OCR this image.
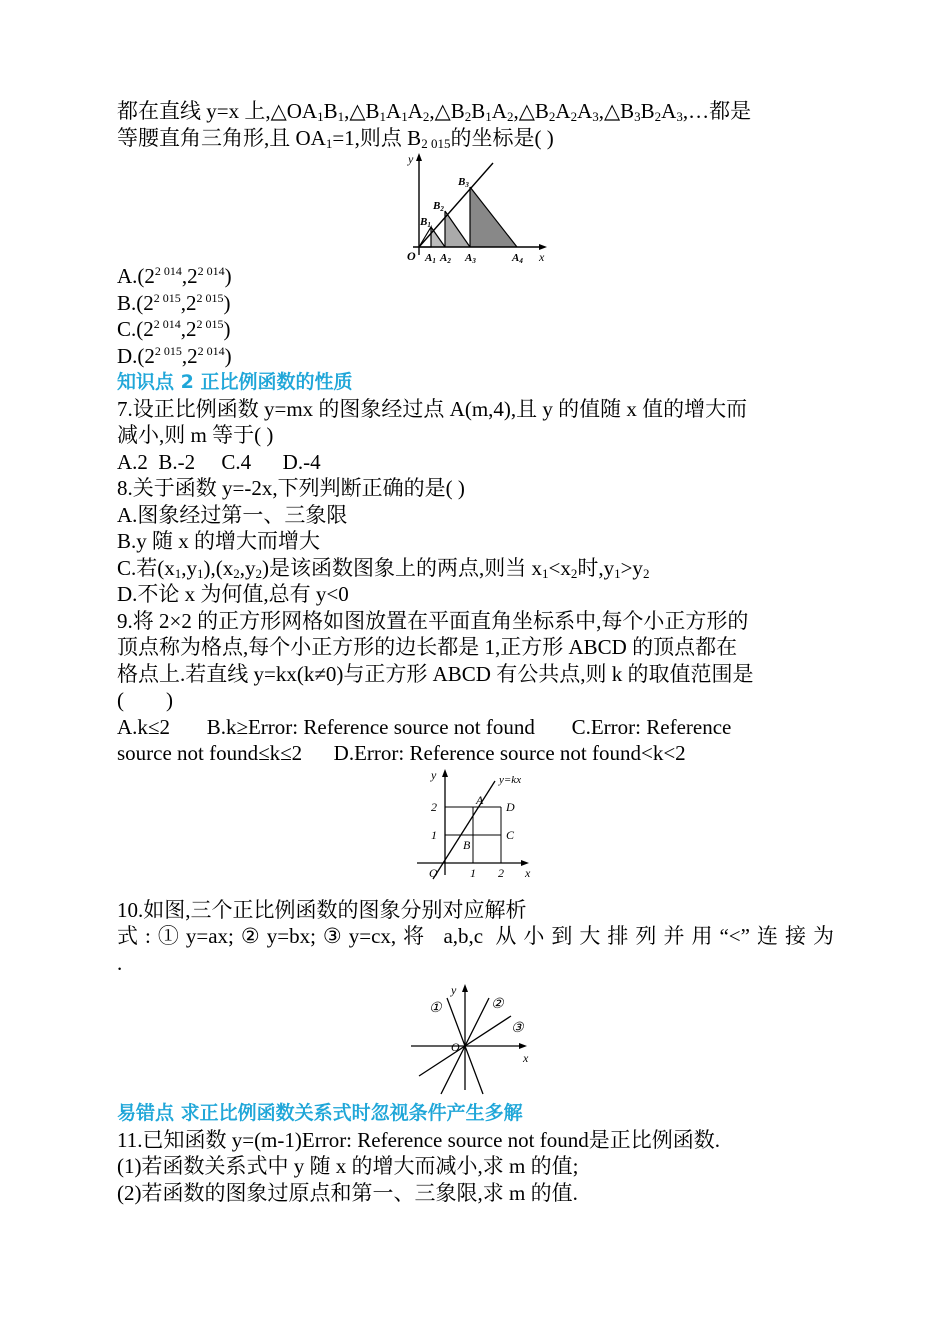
都在直线 y=x 上$,\triangle OA_1B_1,\triangle B_1A_1A_2,\triangle B_2B_1A_2,\triangle B_2A_2A_3,\triangle B_3B_2A_3,\dots$都是
等腰直角三角形,且 $OA_1=1$,则点 $B_{2 015}$的坐标是( )
y
x
O A1 A2 A3	A4
B1
B2
B3
$A.(2^{2 014},2^{2 014})$
$B.(2^{2 015},2^{2 015})$
$C.(2^{2 014},2^{2 015})$
$D.(2^{2 015},2^{2 014})$
知识点 2 正比例函数的性质
7.设正比例函数 y=mx 的图象经过点 A(m,4),且 y 的值随 x 值的增大而
减小,则 m 等于( )
A.2  B.-2     C.4      D.-4
8.关于函数 y=-2x,下列判断正确的是( )
A.图象经过第一、三象限
B.y 随 x 的增大而增大
C.若$(x_1,y_1),(x_2,y_2)$是该函数图象上的两点,则当 $x_1<x_2$时$,y_1>y_2$
D.不论 x 为何值,总有 y<0
9.将 2×2 的正方形网格如图放置在平面直角坐标系中,每个小正方形的
顶点称为格点,每个小正方形的边长都是 1,正方形 ABCD 的顶点都在
格点上.若直线 y=kx(k≠0)与正方形 ABCD 有公共点,则 k 的取值范围是
(        )
A.k≤2       B.k≥Error: Reference source not found       C.Error: Reference
source not found≤k≤2      D.Error: Reference source not found<k<2
y
x
O
y=kx
A
B
C
D
1 2
1
2
10.如图,三个正比例函数的图象分别对应解析
式:①y=ax;②y=bx;③y=cx,将 a,b,c 从小到大排列并用“<”连接为
.
y
x
O
①	②
③
易错点 求正比例函数关系式时忽视条件产生多解
11.已知函数 y=(m-1)Error: Reference source not found是正比例函数.
(1)若函数关系式中 y 随 x 的增大而减小,求 m 的值;
(2)若函数的图象过原点和第一、三象限,求 m 的值.
